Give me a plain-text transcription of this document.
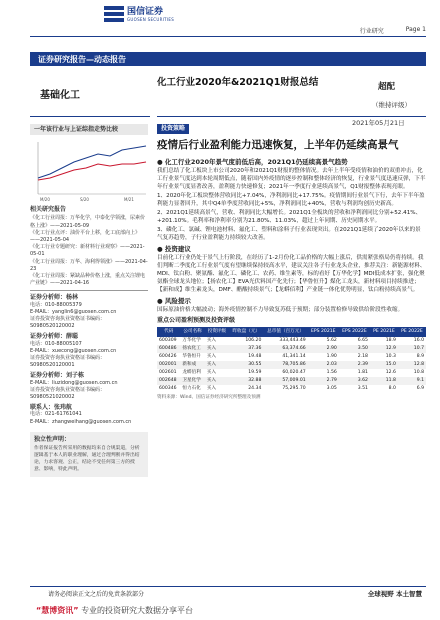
国信证券
GUOSEN SECURITIES
行业研究	Page 1
证券研究报告—动态报告
基础化工
化工行业2020年&2021Q1财报总结	超配
（维持评级）
2021年05月21日
一年该行业与上证综指走势比较
M/20	S/20	M/21
相关研究报告
《化工行业周报：万华化学，中泰化学领涨，尿素价格上涨》——2021-05-09
《化工行业点评：油价平台上移，化工底部向上》——2021-05-04
《化工行业专题研究：新材料行业观察》——2021-05-01
《化工行业周报：万华、海利得领涨》——2021-04-23
《化工行业周报：紧缺品种价格上涨，重点关注锂电产业链》——2021-04-16
证券分析师：杨林
电话：010-88005379
E-MAIL：yanglin6@guosen.com.cn
证券投资咨询执业资格证书编码：S0980520120002
证券分析师：薛聪
电话：010-88005107
E-MAIL：xuecong@guosen.com.cn
证券投资咨询执业资格证书编码：S0980520120001
证券分析师：刘子栋
E-MAIL：liuzidong@guosen.com.cn
证券投资咨询执业资格证书编码：S0980521020002
联系人：张玮航
电话：021-61761041
E-MAIL：zhangweihang@guosen.com.cn
独立性声明：
作者保证报告所采用的数据均来自合规渠道，分析逻辑基于本人的职业理解，通过合理判断并得出结论，力求客观、公正，结论不受任何第三方的授意、影响，特此声明。
投资策略
疫情后行业盈利能力迅速恢复，上半年仍延续高景气
● 化工行业2020年景气度前低后高，2021Q1仍延续高景气趋势

我们总结了化工板块上市公司2020年和2021Q1财报的整体情况。去年上半年受疫情和油价的双重冲击，化工行业景气度达到本轮周期低点，随着国内外疫情的逐步控制和整体经济的恢复，行业景气度迅速反弹，下半年行业景气度显著改善，盈利能力快速修复；2021年一季度行业延续高景气，Q1财报整体表现亮眼。

1、2020年化工板块整体营收同比+7.04%，净利润同比+17.75%。疫情期间行业景气下行，去年下半年盈利能力显著回升，其中Q4单季度营收同比+5%，净利润同比+40%，营收与利润均创历史新高。

2、2021Q1延续高景气，营收、利润同比大幅增长。2021Q1全板块的营收和净利润同比分别+52.41%、+201.10%。毛利率和净利率分别为21.80%、11.03%，超过上年同期、历史同期水平。

3、磷化工、氯碱、锂电池材料、氟化工、塑料和涂料子行业表现突出。在2021Q1延续了2020年以来的景气复苏趋势，子行业盈利能力持续较大改善。

● 投资建议

目前化工行业仍处于景气上行阶段，在经历了1-2月份化工品价格的大幅上涨后，供需紧张格局仍将持续。我们判断二季度化工行业景气度有望继续保持较高水平，建议关注各子行业龙头企业，推荐关注：新能源材料、MDI、钛白粉、聚氨酯、氟化工、磷化工、农药、维生素等，标的看好【万华化学】MDI低成本扩张，强化聚氨酯全球龙头地位；【扬农化工】EVA光伏料国产化先行；【华鲁恒升】煤化工龙头，新材料项目持续推进；【新和成】维生素龙头，DMF、醋酸持续景气；【龙蟒佰利】产业链一体化优势明显，钛白粉持续高景气。

● 风险提示

国际原油价格大幅波动；海外疫情控制不力导致复苏低于预期；部分装置检修导致供给阶段性收缩。

重点公司盈利预测及投资评级
代码	公司名称	投资评级	昨收盘（元）	总市值（百万元）	EPS 2021E	EPS 2022E	PE 2021E	PE 2022E
600309	万华化学	买入	106.20	333,443.49	5.62	6.65	18.9	16.0
600486	扬农化工	买入	37.36	63,374.66	2.90	3.50	12.9	10.7
600426	华鲁恒升	买入	19.48	41,341.14	1.90	2.18	10.3	8.9
002001	新和成	买入	30.55	78,705.86	2.03	2.39	15.0	12.8
002601	龙蟒佰利	买入	19.59	60,020.47	1.56	1.81	12.6	10.8
002648	卫星化学	买入	32.88	57,009.01	2.79	3.62	11.8	9.1
600346	恒力石化	买入	24.34	75,295.70	3.05	3.51	8.0	6.9
资料来源：Wind、国信证券经济研究所整理及预测
请务必阅读正文之后的免责条款部分	全球视野 本土智慧
“慧博资讯” 专业的投资研究大数据分享平台
